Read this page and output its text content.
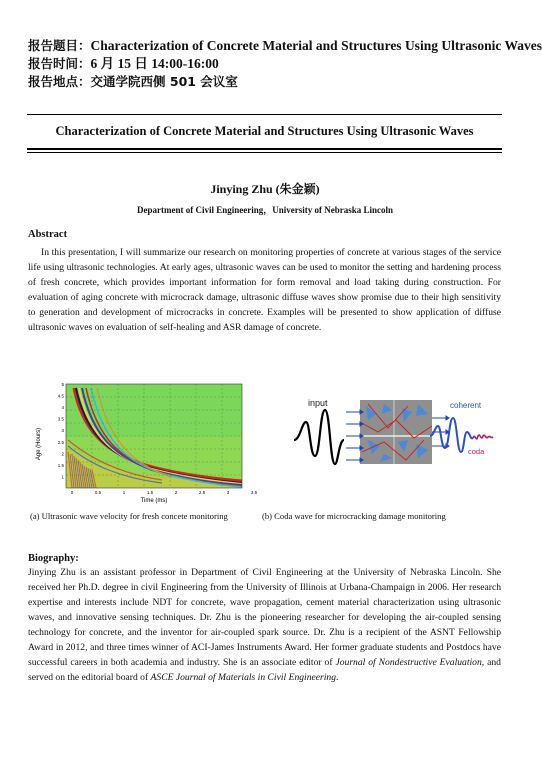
报告题目：Characterization of Concrete Material and Structures Using Ultrasonic Waves
报告时间：6 月 15 日 14:00-16:00
报告地点：交通学院西侧 501 会议室
Characterization of Concrete Material and Structures Using Ultrasonic Waves
Jinying Zhu (朱金颖)
Department of Civil Engineering，University of Nebraska Lincoln
Abstract

In this presentation, I will summarize our research on monitoring properties of concrete at various stages of the service life using ultrasonic technologies. At early ages, ultrasonic waves can be used to monitor the setting and hardening process of fresh concrete, which provides important information for form removal and load taking during construction. For evaluation of aging concrete with microcrack damage, ultrasonic diffuse waves show promise due to their high sensitivity to generation and development of microcracks in concrete. Examples will be presented to show application of diffuse ultrasonic waves on evaluation of self-healing and ASR damage of concrete.

Age (Hours)
5
4.5
4
3.5
3
2.5
2
1.5
1
0	0.5	1	1.5	2	2.5	3	3.5
Time (ms)
(a) Ultrasonic wave velocity for fresh concete monitoring
input	coherent
coda
(b) Coda wave for microcracking damage monitoring
Biography:

Jinying Zhu is an assistant professor in Department of Civil Engineering at the University of Nebraska Lincoln. She received her Ph.D. degree in civil Engineering from the University of Illinois at Urbana-Champaign in 2006. Her research expertise and interests include NDT for concrete, wave propagation, cement material characterization using ultrasonic waves, and innovative sensing techniques. Dr. Zhu is the pioneering researcher for developing the air-coupled sensing technology for concrete, and the inventor for air-coupled spark source. Dr. Zhu is a recipient of the ASNT Fellowship Award in 2012, and three times winner of ACI-James Instruments Award. Her former graduate students and Postdocs have successful careers in both academia and industry. She is an associate editor of Journal of Nondestructive Evaluation, and served on the editorial board of ASCE Journal of Materials in Civil Engineering.
